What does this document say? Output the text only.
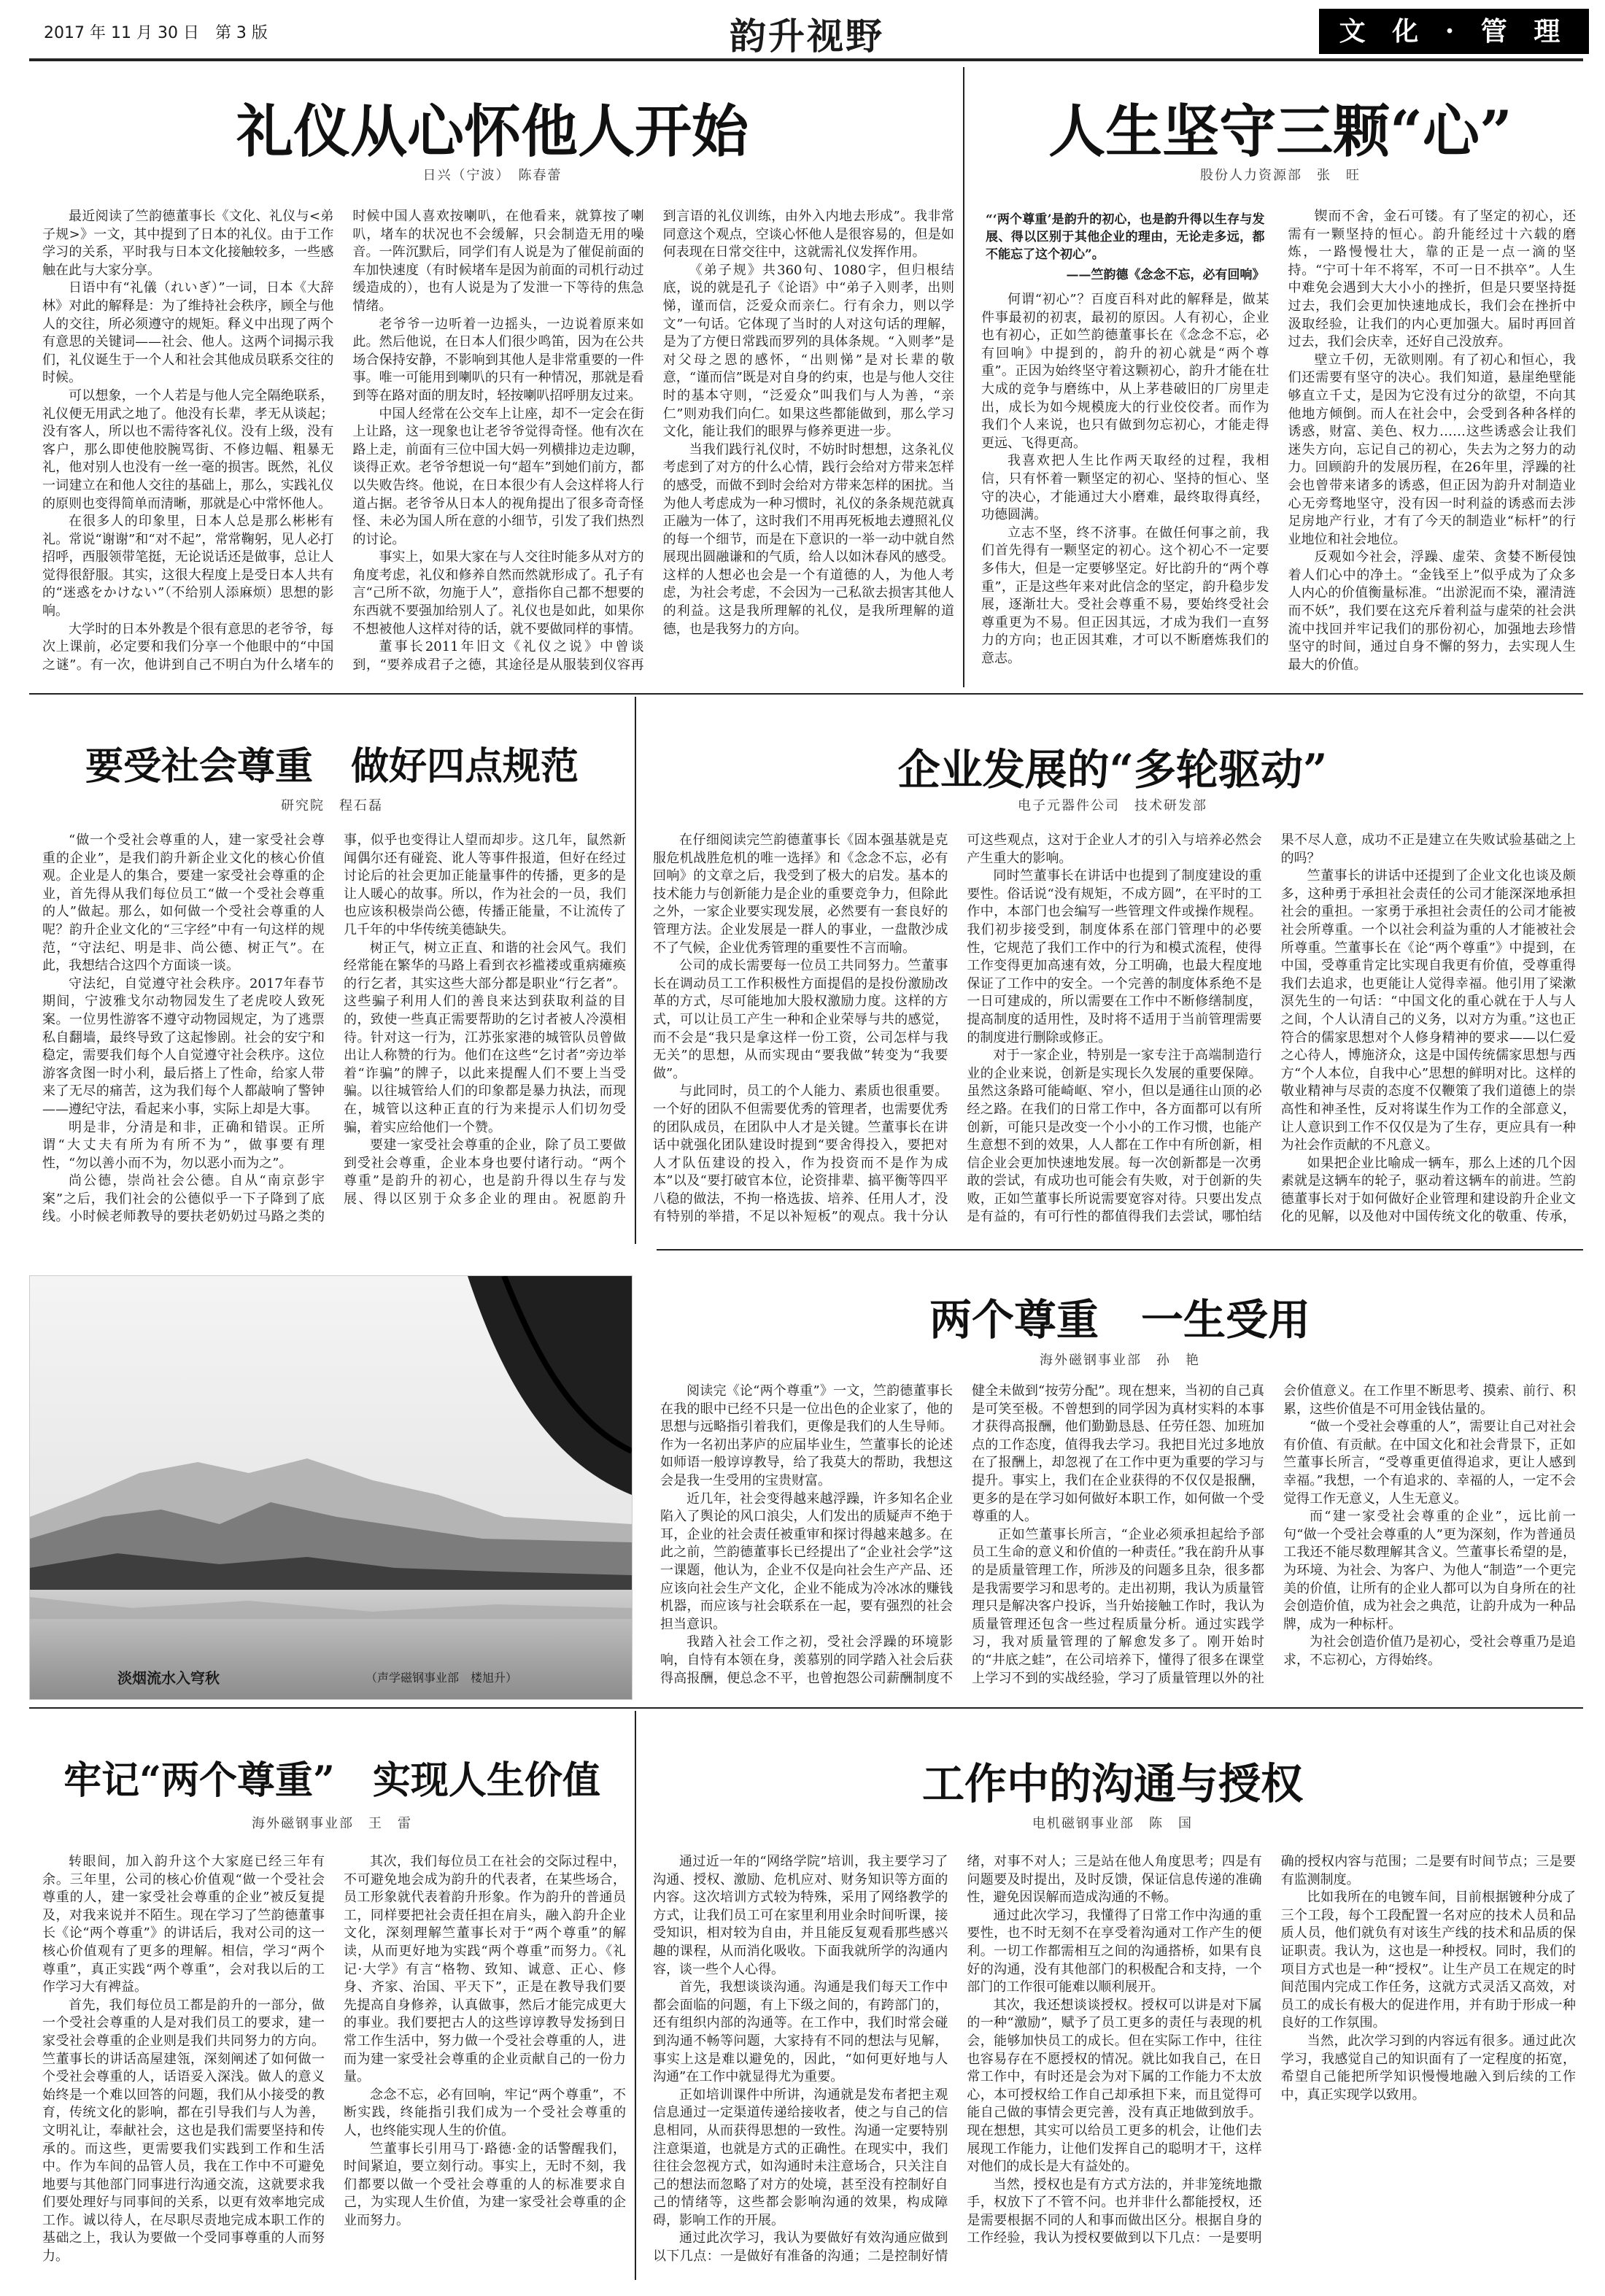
2017 年 11 月 30 日　第 3 版	韵升视野	文 化 · 管 理
礼仪从心怀他人开始
日兴（宁波）　陈春蕾

最近阅读了竺韵德董事长《文化、礼仪与<弟子规>》一文，其中提到了日本的礼仪。由于工作学习的关系，平时我与日本文化接触较多，一些感触在此与大家分享。

日语中有“礼儀（れいぎ）”一词，日本《大辞林》对此的解释是：为了维持社会秩序，顾全与他人的交往，所必须遵守的规矩。释义中出现了两个有意思的关键词——社会、他人。这两个词揭示我们，礼仪诞生于一个人和社会其他成员联系交往的时候。

可以想象，一个人若是与他人完全隔绝联系，礼仪便无用武之地了。他没有长辈，孝无从谈起；没有客人，所以也不需待客礼仪。没有上级，没有客户，那么即使他胶腕骂街、不修边幅、粗暴无礼，他对别人也没有一丝一毫的损害。既然，礼仪一词建立在和他人交往的基础上，那么，实践礼仪的原则也变得简单而清晰，那就是心中常怀他人。

在很多人的印象里，日本人总是那么彬彬有礼。常说“谢谢”和“对不起”，常常鞠躬，见人必打招呼，西服领带笔挺，无论说话还是做事，总让人觉得很舒服。其实，这很大程度上是受日本人共有的“迷惑をかけない”（不给别人添麻烦）思想的影响。

大学时的日本外教是个很有意思的老爷爷，每次上课前，必定要和我们分享一个他眼中的“中国之谜”。有一次，他讲到自己不明白为什么堵车的时候中国人喜欢按喇叭，在他看来，就算按了喇叭，堵车的状况也不会缓解，只会制造无用的噪音。一阵沉默后，同学们有人说是为了催促前面的车加快速度（有时候堵车是因为前面的司机行动过缓造成的），也有人说是为了发泄一下等待的焦急情绪。

老爷爷一边听着一边摇头，一边说着原来如此。然后他说，在日本人们很少鸣笛，因为在公共场合保持安静，不影响到其他人是非常重要的一件事。唯一可能用到喇叭的只有一种情况，那就是看到等在路对面的朋友时，轻按喇叭招呼朋友过来。

中国人经常在公交车上让座，却不一定会在街上让路，这一现象也让老爷爷觉得奇怪。他有次在路上走，前面有三位中国大妈一列横排边走边聊，谈得正欢。老爷爷想说一句“超车”到她们前方，都以失败告终。他说，在日本很少有人会这样将人行道占据。老爷爷从日本人的视角提出了很多奇奇怪怪、未必为国人所在意的小细节，引发了我们热烈的讨论。

事实上，如果大家在与人交往时能多从对方的角度考虑，礼仪和修养自然而然就形成了。孔子有言“己所不欲，勿施于人”，意指你自己都不想要的东西就不要强加给别人了。礼仪也是如此，如果你不想被他人这样对待的话，就不要做同样的事情。

董事长2011年旧文《礼仪之说》中曾谈到，“要养成君子之德，其途径是从服装到仪容再到言语的礼仪训练，由外入内地去形成”。我非常同意这个观点，空谈心怀他人是很容易的，但是如何表现在日常交往中，这就需礼仪发挥作用。

《弟子规》共360句、1080字，但归根结底，说的就是孔子《论语》中“弟子入则孝，出则悌，谨而信，泛爱众而亲仁。行有余力，则以学文”一句话。它体现了当时的人对这句话的理解，是为了方便日常践而罗列的具体条规。“入则孝”是对父母之恩的感怀，“出则悌”是对长辈的敬意，“谨而信”既是对自身的约束，也是与他人交往时的基本守则，“泛爱众”叫我们与人为善，“亲仁”则劝我们向仁。如果这些都能做到，那么学习文化，能让我们的眼界与修养更进一步。

当我们践行礼仪时，不妨时时想想，这条礼仪考虑到了对方的什么心情，践行会给对方带来怎样的感受，而做不到时会给对方带来怎样的困扰。当为他人考虑成为一种习惯时，礼仪的条条规范就真正融为一体了，这时我们不用再死板地去遵照礼仪的每一个细节，而是在下意识的一举一动中就自然展现出圆融谦和的气质，给人以如沐春风的感受。这样的人想必也会是一个有道德的人，为他人考虑，为社会考虑，不会因为一己私欲去损害其他人的利益。这是我所理解的礼仪，是我所理解的道德，也是我努力的方向。

人生坚守三颗“心”
股份人力资源部　张　旺
“‘两个尊重’是韵升的初心，也是韵升得以生存与发展、得以区别于其他企业的理由，无论走多远，都不能忘了这个初心”。
——竺韵德《念念不忘，必有回响》

何谓“初心”？百度百科对此的解释是，做某件事最初的初衷，最初的原因。人有初心，企业也有初心，正如竺韵德董事长在《念念不忘，必有回响》中提到的，韵升的初心就是“两个尊重”。正因为始终坚守着这颗初心，韵升才能在壮大成的竞争与磨练中，从上茅巷破旧的厂房里走出，成长为如今规模庞大的行业佼佼者。而作为我们个人来说，也只有做到勿忘初心，才能走得更远、飞得更高。

我喜欢把人生比作两天取经的过程，我相信，只有怀着一颗坚定的初心、坚持的恒心、坚守的决心，才能通过大小磨难，最终取得真经，功德圆满。

立志不坚，终不济事。在做任何事之前，我们首先得有一颗坚定的初心。这个初心不一定要多伟大，但是一定要够坚定。好比韵升的“两个尊重”，正是这些年来对此信念的坚定，韵升稳步发展，逐渐壮大。受社会尊重不易，要始终受社会尊重更为不易。但正因其远，才成为我们一直努力的方向；也正因其难，才可以不断磨炼我们的意志。

锲而不舍，金石可镂。有了坚定的初心，还需有一颗坚持的恒心。韵升能经过十六载的磨炼，一路慢慢壮大，靠的正是一点一滴的坚持。“宁可十年不将军，不可一日不拱卒”。人生中难免会遇到大大小小的挫折，但是只要坚持挺过去，我们会更加快速地成长，我们会在挫折中汲取经验，让我们的内心更加强大。届时再回首过去，我们会庆幸，还好自己没放弃。

壁立千仞，无欲则刚。有了初心和恒心，我们还需要有坚守的决心。我们知道，悬崖绝壁能够直立千丈，是因为它没有过分的欲望，不向其他地方倾倒。而人在社会中，会受到各种各样的诱惑，财富、美色、权力……这些诱惑会让我们迷失方向，忘记自己的初心，失去为之努力的动力。回顾韵升的发展历程，在26年里，浮躁的社会也曾带来诸多的诱惑，但正因为韵升对制造业心无旁骛地坚守，没有因一时利益的诱惑而去涉足房地产行业，才有了今天的制造业“标杆”的行业地位和社会地位。

反观如今社会，浮躁、虚荣、贪婪不断侵蚀着人们心中的净土。“金钱至上”似乎成为了众多人内心的价值衡量标准。“出淤泥而不染，濯清涟而不妖”，我们要在这充斥着利益与虚荣的社会洪流中找回并牢记我们的那份初心，加强地去珍惜坚守的时间，通过自身不懈的努力，去实现人生最大的价值。

要受社会尊重　做好四点规范
研究院　程石磊

“做一个受社会尊重的人，建一家受社会尊重的企业”，是我们韵升新企业文化的核心价值观。企业是人的集合，要建一家受社会尊重的企业，首先得从我们每位员工“做一个受社会尊重的人”做起。那么，如何做一个受社会尊重的人呢？韵升企业文化的“三字经”中有一句这样的规范，“守法纪、明是非、尚公德、树正气”。在此，我想结合这四个方面谈一谈。

守法纪，自觉遵守社会秩序。2017年春节期间，宁波雅戈尔动物园发生了老虎咬人致死案。一位男性游客不遵守动物园规定，为了逃票私自翻墙，最终导致了这起惨剧。社会的安宁和稳定，需要我们每个人自觉遵守社会秩序。这位游客贪图一时小利，最后搭上了性命，给家人带来了无尽的痛苦，这为我们每个人都敲响了警钟——遵纪守法，看起来小事，实际上却是大事。

明是非，分清是和非，正确和错误。正所谓“大丈夫有所为有所不为”，做事要有理性，“勿以善小而不为，勿以恶小而为之”。

尚公德，崇尚社会公德。自从“南京彭宇案”之后，我们社会的公德似乎一下子降到了底线。小时候老师教导的要扶老奶奶过马路之类的事，似乎也变得让人望而却步。这几年，鼠然新闻偶尔还有碰瓷、讹人等事件报道，但好在经过讨论后的社会更加正能量事件的传播，更多的是让人暖心的故事。所以，作为社会的一员，我们也应该积极崇尚公德，传播正能量，不让流传了几千年的中华传统美德缺失。

树正气，树立正直、和谐的社会风气。我们经常能在繁华的马路上看到衣衫褴褛或重病瘫痪的行乞者，其实这些大部分都是职业“行乞者”。这些骗子利用人们的善良来达到获取利益的目的，致使一些真正需要帮助的乞讨者被人冷漠相待。针对这一行为，江苏张家港的城管队员曾做出让人称赞的行为。他们在这些“乞讨者”旁边举着“诈骗”的牌子，以此来提醒人们不要上当受骗。以往城管给人们的印象都是暴力执法，而现在，城管以这种正直的行为来提示人们切勿受骗，着实应给他们一个赞。

要建一家受社会尊重的企业，除了员工要做到受社会尊重，企业本身也要付诸行动。“两个尊重”是韵升的初心，也是韵升得以生存与发展、得以区别于众多企业的理由。祝愿韵升

企业发展的“多轮驱动”
电子元器件公司　技术研发部

在仔细阅读完竺韵德董事长《固本强基就是克服危机战胜危机的唯一选择》和《念念不忘，必有回响》的文章之后，我受到了极大的启发。基本的技术能力与创新能力是企业的重要竞争力，但除此之外，一家企业要实现发展，必然要有一套良好的管理方法。企业发展是一群人的事业，一盘散沙成不了气候，企业优秀管理的重要性不言而喻。

公司的成长需要每一位员工共同努力。竺董事长在调动员工工作积极性方面提倡的是投份激励改革的方式，尽可能地加大股权激励力度。这样的方式，可以让员工产生一种和企业荣辱与共的感觉，而不会是“我只是拿这样一份工资，公司怎样与我无关”的思想，从而实现由“要我做”转变为“我要做”。

与此同时，员工的个人能力、素质也很重要。一个好的团队不但需要优秀的管理者，也需要优秀的团队成员，在团队中人才是关键。竺董事长在讲话中就强化团队建设时提到“要舍得投入，要把对人才队伍建设的投入，作为投资而不是作为成本”以及“要打破官本位，论资排辈、搞平衡等四平八稳的做法，不拘一格选拔、培养、任用人才，没有特别的举措，不足以补短板”的观点。我十分认可这些观点，这对于企业人才的引入与培养必然会产生重大的影响。

同时竺董事长在讲话中也提到了制度建设的重要性。俗话说“没有规矩，不成方圆”，在平时的工作中，本部门也会编写一些管理文件或操作规程。我们初步接受到，制度体系在部门管理中的必要性，它规范了我们工作中的行为和模式流程，使得工作变得更加高速有效，分工明确，也最大程度地保证了工作中的安全。一个完善的制度体系绝不是一日可建成的，所以需要在工作中不断修缮制度，提高制度的适用性，及时将不适用于当前管理需要的制度进行删除或修正。

对于一家企业，特别是一家专注于高端制造行业的企业来说，创新是实现长久发展的重要保障。虽然这条路可能崎岖、窄小，但以是通往山顶的必经之路。在我们的日常工作中，各方面都可以有所创新，可能只是改变一个小小的工作习惯，也能产生意想不到的效果，人人都在工作中有所创新，相信企业会更加快速地发展。每一次创新都是一次勇敢的尝试，有成功也可能会有失败，对于创新的失败，正如竺董事长所说需要宽容对待。只要出发点是有益的，有可行性的都值得我们去尝试，哪怕结果不尽人意，成功不正是建立在失败试验基础之上的吗？

竺董事长的讲话中还提到了企业文化也谈及颇多，这种勇于承担社会责任的公司才能深深地承担社会的重担。一家勇于承担社会责任的公司才能被社会所尊重。一个以社会利益为重的人才能被社会所尊重。竺董事长在《论“两个尊重”》中提到，在中国，受尊重肯定比实现自我更有价值，受尊重得我们去追求，也更能让人觉得幸福。他引用了梁漱溟先生的一句话：“中国文化的重心就在于人与人之间，个人认清自己的义务，以对方为重。”这也正符合的儒家思想对个人修身精神的要求——以仁爱之心待人，博施济众，这是中国传统儒家思想与西方“个人本位，自我中心”思想的鲜明对比。这样的敬业精神与尽责的态度不仅鞭策了我们道德上的崇高性和神圣性，反对将谋生作为工作的全部意义，让人意识到工作不仅仅是为了生存，更应具有一种为社会作贡献的不凡意义。

如果把企业比喻成一辆车，那么上述的几个因素就是这辆车的轮子，驱动着这辆车的前进。竺韵德董事长对于如何做好企业管理和建设韵升企业文化的见解，以及他对中国传统文化的敬重、传承，

淡烟流水入穹秋	（声学磁钢事业部　楼旭升）
两个尊重　一生受用
海外磁钢事业部　孙　艳

阅读完《论“两个尊重”》一文，竺韵德董事长在我的眼中已经不只是一位出色的企业家了，他的思想与远略指引着我们，更像是我们的人生导师。作为一名初出茅庐的应届毕业生，竺董事长的论述如师语一般谆谆教导，给了我莫大的帮助，我想这会是我一生受用的宝贵财富。

近几年，社会变得越来越浮躁，许多知名企业陷入了舆论的风口浪尖，人们发出的质疑声不绝于耳，企业的社会责任被重审和探讨得越来越多。在此之前，竺韵德董事长已经提出了“企业社会学”这一课题，他认为，企业不仅是向社会生产产品、还应该向社会生产文化，企业不能成为冷冰冰的赚钱机器，而应该与社会联系在一起，要有强烈的社会担当意识。

我踏入社会工作之初，受社会浮躁的环境影响，自恃有本领在身，羡慕别的同学踏入社会后获得高报酬，便总念不平，也曾抱怨公司薪酬制度不健全未做到“按劳分配”。现在想来，当初的自己真是可笑至极。不曾想到的同学因为真材实料的本事才获得高报酬，他们勤勤恳恳、任劳任怨、加班加点的工作态度，值得我去学习。我把目光过多地放在了报酬上，却忽视了在工作中更为重要的学习与提升。事实上，我们在企业获得的不仅仅是报酬，更多的是在学习如何做好本职工作，如何做一个受尊重的人。

正如竺董事长所言，“企业必须承担起给予部员工生命的意义和价值的一种责任。”我在韵升从事的是质量管理工作，所涉及的问题多且杂，很多都是我需要学习和思考的。走出初期，我认为质量管理只是解决客户投诉，当升始接触工作时，我认为质量管理还包含一些过程质量分析。通过实践学习，我对质量管理的了解愈发多了。刚开始时的“井底之蛙”，在公司培养下，懂得了很多在课堂上学习不到的实战经验，学习了质量管理以外的社会价值意义。在工作里不断思考、摸索、前行、积累，这些价值是不可用金钱估量的。

“做一个受社会尊重的人”，需要让自己对社会有价值、有贡献。在中国文化和社会背景下，正如竺董事长所言，“受尊重更值得追求，更让人感到幸福。”我想，一个有追求的、幸福的人，一定不会觉得工作无意义，人生无意义。

而“建一家受社会尊重的企业”，远比前一句“做一个受社会尊重的人”更为深刻，作为普通员工我还不能尽数理解其含义。竺董事长希望的是，为环境、为社会、为客户、为他人“制造”一个更完美的价值，让所有的企业人都可以为自身所在的社会创造价值，成为社会之典范，让韵升成为一种品牌，成为一种标杆。

为社会创造价值乃是初心，受社会尊重乃是追求，不忘初心，方得始终。

牢记“两个尊重”　实现人生价值
海外磁钢事业部　王　雷

转眼间，加入韵升这个大家庭已经三年有余。三年里，公司的核心价值观“做一个受社会尊重的人，建一家受社会尊重的企业”被反复提及，对我来说并不陌生。现在学习了竺韵德董事长《论“两个尊重”》的讲话后，我对公司的这一核心价值观有了更多的理解。相信，学习“两个尊重”，真正实践“两个尊重”，会对我以后的工作学习大有裨益。

首先，我们每位员工都是韵升的一部分，做一个受社会尊重的人是对我们员工的要求，建一家受社会尊重的企业则是我们共同努力的方向。竺董事长的讲话高屋建瓴，深刻阐述了如何做一个受社会尊重的人，话语妥入深浅。做人的意义始终是一个难以回答的问题，我们从小接受的教育，传统文化的影响，都在引导我们与人为善，文明礼让，奉献社会，这也是我们需要坚持和传承的。而这些，更需要我们实践到工作和生活中。作为车间的品管人员，我在工作中不可避免地要与其他部门同事进行沟通交流，这就要求我们要处理好与同事间的关系，以更有效率地完成工作。诚以待人，在尽职尽责地完成本职工作的基础之上，我认为要做一个受同事尊重的人而努力。

其次，我们每位员工在社会的交际过程中，不可避免地会成为韵升的代表者，在某些场合，员工形象就代表着韵升形象。作为韵升的普通员工，同样要把社会责任担在肩头，融入韵升企业文化，深刻理解竺董事长对于“两个尊重”的解读，从而更好地为实践“两个尊重”而努力。《礼记·大学》有言“格物、致知、诚意、正心、修身、齐家、治国、平天下”，正是在教导我们要先提高自身修养，认真做事，然后才能完成更大的事业。我们要把古人的这些谆谆教导发扬到日常工作生活中，努力做一个受社会尊重的人，进而为建一家受社会尊重的企业贡献自己的一份力量。

念念不忘，必有回响，牢记“两个尊重”，不断实践，终能指引我们成为一个受社会尊重的人，也终能实现人生的价值。

竺董事长引用马丁·路德·金的话警醒我们，时间紧迫，要立刻行动。事实上，无时不刻，我们都要以做一个受社会尊重的人的标准要求自己，为实现人生价值，为建一家受社会尊重的企业而努力。

工作中的沟通与授权
电机磁钢事业部　陈　国

通过近一年的“网络学院”培训，我主要学习了沟通、授权、激励、危机应对、财务知识等方面的内容。这次培训方式较为特殊，采用了网络教学的方式，让我们员工可在家里利用业余时间听课，接受知识，相对较为自由，并且能反复观看那些感兴趣的课程，从而消化吸收。下面我就所学的沟通内容，谈一些个人心得。

首先，我想谈谈沟通。沟通是我们每天工作中都会面临的问题，有上下级之间的，有跨部门的，还有组织内部的沟通等。在工作中，我们时常会碰到沟通不畅等问题，大家持有不同的想法与见解，事实上这是难以避免的，因此，“如何更好地与人沟通”在工作中就显得尤为重要。

正如培训课件中所讲，沟通就是发布者把主观信息通过一定渠道传递给接收者，使之与自己的信息相同，从而获得思想的一致性。沟通一定要特别注意渠道，也就是方式的正确性。在现实中，我们往往会忽视方式，如沟通时未注意场合，只关注自己的想法而忽略了对方的处境，甚至没有控制好自己的情绪等，这些都会影响沟通的效果，构成障碍，影响工作的开展。

通过此次学习，我认为要做好有效沟通应做到以下几点：一是做好有准备的沟通；二是控制好情绪，对事不对人；三是站在他人角度思考；四是有问题要及时提出，及时反馈，保证信息传递的准确性，避免因误解而造成沟通的不畅。

通过此次学习，我懂得了日常工作中沟通的重要性，也不时无刻不在享受着沟通对工作产生的便利。一切工作都需相互之间的沟通搭桥，如果有良好的沟通，没有其他部门的积极配合和支持，一个部门的工作很可能难以顺利展开。

其次，我还想谈谈授权。授权可以讲是对下属的一种“激励”，赋予了员工更多的责任与表现的机会，能够加快员工的成长。但在实际工作中，往往也容易存在不愿授权的情况。就比如我自己，在日常工作中，有时还是会为对下属的工作能力不太放心，本可授权给工作自己却承担下来，而且觉得可能自己做的事情会更完善，没有真正地做到放手。现在想想，其实可以给员工更多的机会，让他们去展现工作能力，让他们发挥自己的聪明才干，这样对他们的成长是大有益处的。

当然，授权也是有方式方法的，并非笼统地撒手，权放下了不管不问。也并非什么都能授权，还是需要根据不同的人和事而做出区分。根据自身的工作经验，我认为授权要做到以下几点：一是要明确的授权内容与范围；二是要有时间节点；三是要有监测制度。

比如我所在的电镀车间，目前根据镀种分成了三个工段，每个工段配置一名对应的技术人员和品质人员，他们就负有对该生产线的技术和品质的保证职责。我认为，这也是一种授权。同时，我们的项目方式也是一种“授权”。让生产员工在规定的时间范围内完成工作任务，这就方式灵活又高效，对员工的成长有极大的促进作用，并有助于形成一种良好的工作氛围。

当然，此次学习到的内容远有很多。通过此次学习，我感觉自己的知识面有了一定程度的拓宽，希望自己能把所学知识慢慢地融入到后续的工作中，真正实现学以致用。
